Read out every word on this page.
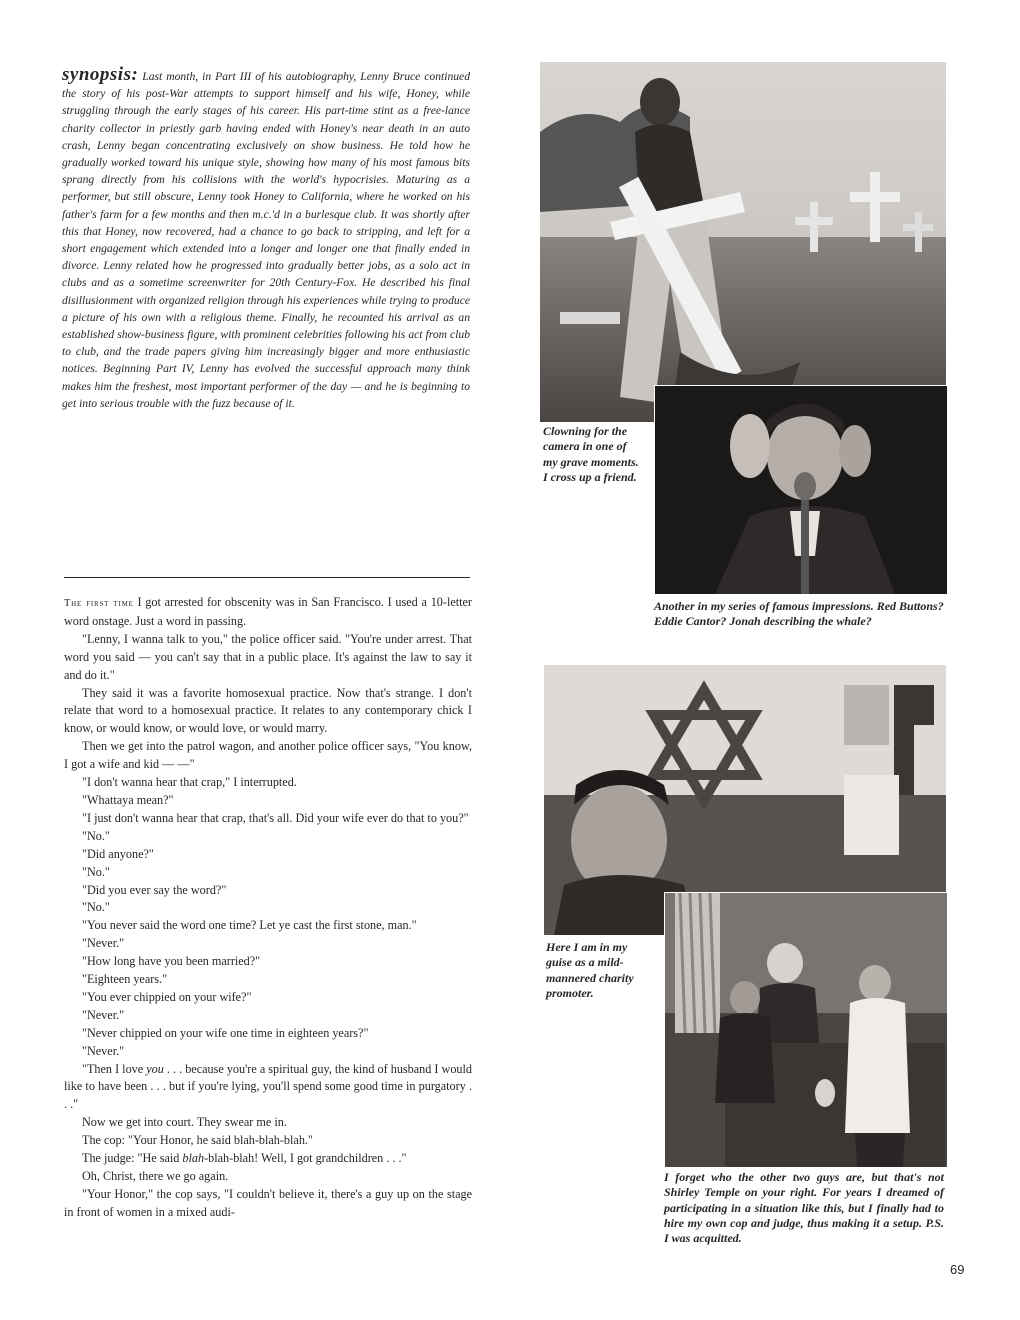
synopsis: Last month, in Part III of his autobiography, Lenny Bruce continued the story of his post-War attempts to support himself and his wife, Honey, while struggling through the early stages of his career. His part-time stint as a free-lance charity collector in priestly garb having ended with Honey's near death in an auto crash, Lenny began concentrating exclusively on show business. He told how he gradually worked toward his unique style, showing how many of his most famous bits sprang directly from his collisions with the world's hypocrisies. Maturing as a performer, but still obscure, Lenny took Honey to California, where he worked on his father's farm for a few months and then m.c.'d in a burlesque club. It was shortly after this that Honey, now recovered, had a chance to go back to stripping, and left for a short engagement which extended into a longer and longer one that finally ended in divorce. Lenny related how he progressed into gradually better jobs, as a solo act in clubs and as a sometime screenwriter for 20th Century-Fox. He described his final disillusionment with organized religion through his experiences while trying to produce a picture of his own with a religious theme. Finally, he recounted his arrival as an established show-business figure, with prominent celebrities following his act from club to club, and the trade papers giving him increasingly bigger and more enthusiastic notices. Beginning Part IV, Lenny has evolved the successful approach many think makes him the freshest, most important performer of the day — and he is beginning to get into serious trouble with the fuzz because of it.

The first time I got arrested for obscenity was in San Francisco. I used a 10-letter word onstage. Just a word in passing.

"Lenny, I wanna talk to you," the police officer said. "You're under arrest. That word you said — you can't say that in a public place. It's against the law to say it and do it."

They said it was a favorite homosexual practice. Now that's strange. I don't relate that word to a homosexual practice. It relates to any contemporary chick I know, or would know, or would love, or would marry.

Then we get into the patrol wagon, and another police officer says, "You know, I got a wife and kid — —"

"I don't wanna hear that crap," I interrupted.

"Whattaya mean?"

"I just don't wanna hear that crap, that's all. Did your wife ever do that to you?"

"No."

"Did anyone?"

"No."

"Did you ever say the word?"

"No."

"You never said the word one time? Let ye cast the first stone, man."

"Never."

"How long have you been married?"

"Eighteen years."

"You ever chippied on your wife?"

"Never."

"Never chippied on your wife one time in eighteen years?"

"Never."

"Then I love you . . . because you're a spiritual guy, the kind of husband I would like to have been . . . but if you're lying, you'll spend some good time in purgatory . . ."

Now we get into court. They swear me in.

The cop: "Your Honor, he said blah-blah-blah."

The judge: "He said blah-blah-blah! Well, I got grandchildren . . ."

Oh, Christ, there we go again.

"Your Honor," the cop says, "I couldn't believe it, there's a guy up on the stage in front of women in a mixed audi-

Clowning for the camera in one of my grave moments. I cross up a friend.

Another in my series of famous impressions. Red Buttons? Eddie Cantor? Jonah describing the whale?

Here I am in my guise as a mild-mannered charity promoter.

I forget who the other two guys are, but that's not Shirley Temple on your right. For years I dreamed of participating in a situation like this, but I finally had to hire my own cop and judge, thus making it a setup. P.S. I was acquitted.

69
